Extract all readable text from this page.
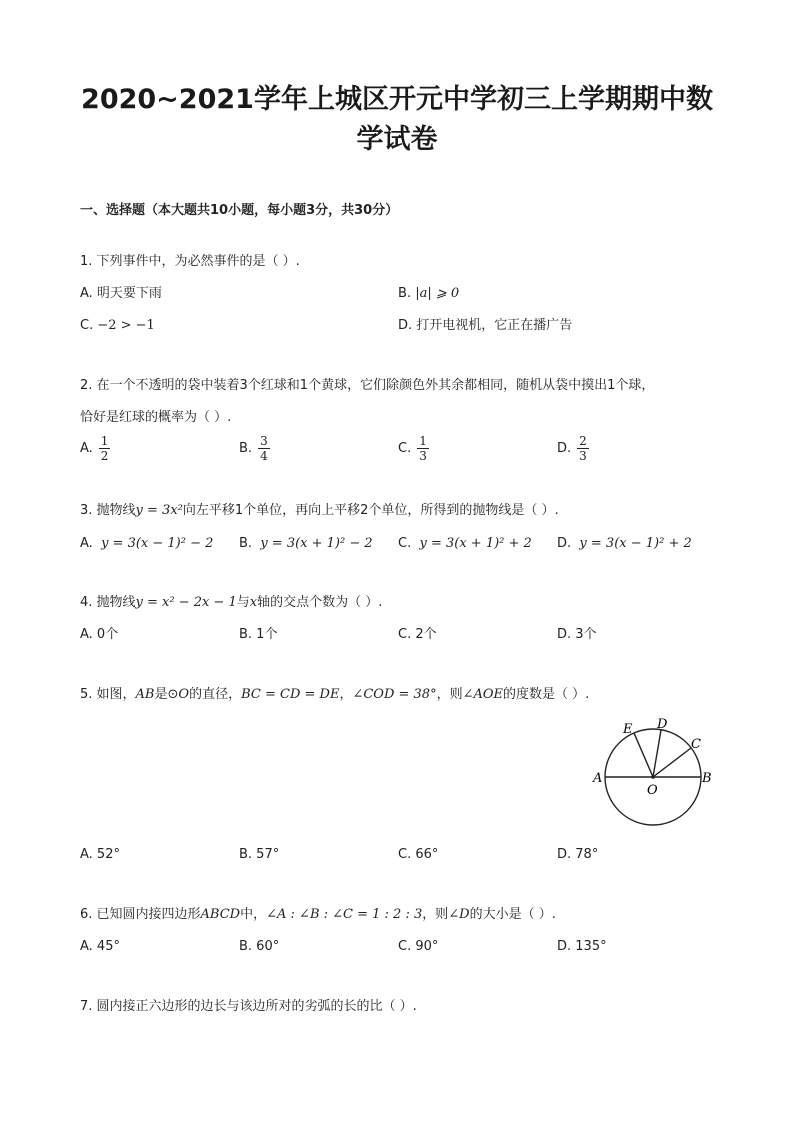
2020~2021学年上城区开元中学初三上学期期中数
学试卷
一、选择题（本大题共10小题，每小题3分，共30分）
1. 下列事件中，为必然事件的是（ ）.
A. 明天要下雨	B. |a| ⩾ 0
C. −2 > −1	D. 打开电视机，它正在播广告
2. 在一个不透明的袋中装着3个红球和1个黄球，它们除颜色外其余都相同，随机从袋中摸出1个球，
恰好是红球的概率为（ ）.
A. $\frac{1}{2}$	B. $\frac{3}{4}$	C. $\frac{1}{3}$	D. $\frac{2}{3}$
3. 抛物线y = 3x²向左平移1个单位，再向上平移2个单位，所得到的抛物线是（ ）.
A. y = 3(x − 1)² − 2 B. y = 3(x + 1)² − 2 C. y = 3(x + 1)² + 2 D. y = 3(x − 1)² + 2
4. 抛物线y = x² − 2x − 1与x轴的交点个数为（ ）.
A. 0个	B. 1个	C. 2个	D. 3个
5. 如图，AB是⊙O的直径，BC = CD = DE，∠COD = 38°，则∠AOE的度数是（ ）.
A	B
C
D
E
O
A. 52°	B. 57°	C. 66°	D. 78°
6. 已知圆内接四边形ABCD中，∠A : ∠B : ∠C = 1 : 2 : 3，则∠D的大小是（ ）.
A. 45°	B. 60°	C. 90°	D. 135°
7. 圆内接正六边形的边长与该边所对的劣弧的长的比（ ）.
